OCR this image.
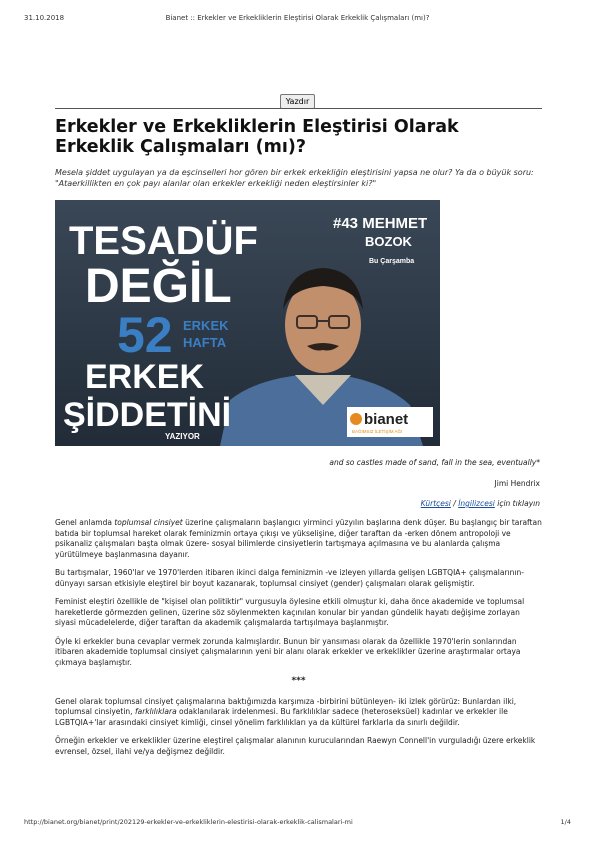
31.10.2018	Bianet :: Erkekler ve Erkekliklerin Eleştirisi Olarak Erkeklik Çalışmaları (mı)?
Yazdır
Erkekler ve Erkekliklerin Eleştirisi Olarak Erkeklik Çalışmaları (mı)?

Mesela şiddet uygulayan ya da eşcinselleri hor gören bir erkek erkekliğin eleştirisini yapsa ne olur? Ya da o büyük soru: "Ataerkillikten en çok payı alanlar olan erkekler erkekliği neden eleştirsinler ki?"

TESADÜF
DEĞİL
52 ERKEK
HAFTA
ERKEK
ŞİDDETİNİ
YAZIYOR
#43 MEHMET
BOZOK
Bu Çarşamba
bianet
BAĞIMSIZ İLETİŞİM AĞI

and so castles made of sand, fall in the sea, eventually*

Jimi Hendrix

Kürtçesi / İngilizcesi için tıklayın

Genel anlamda toplumsal cinsiyet üzerine çalışmaların başlangıcı yirminci yüzyılın başlarına denk düşer. Bu başlangıç bir taraftan batıda bir toplumsal hareket olarak feminizmin ortaya çıkışı ve yükselişine, diğer taraftan da -erken dönem antropoloji ve psikanaliz çalışmaları başta olmak üzere- sosyal bilimlerde cinsiyetlerin tartışmaya açılmasına ve bu alanlarda çalışma yürütülmeye başlanmasına dayanır.

Bu tartışmalar, 1960'lar ve 1970'lerden itibaren ikinci dalga feminizmin -ve izleyen yıllarda gelişen LGBTQIA+ çalışmalarının- dünyayı sarsan etkisiyle eleştirel bir boyut kazanarak, toplumsal cinsiyet (gender) çalışmaları olarak gelişmiştir.

Feminist eleştiri özellikle de "kişisel olan politiktir" vurgusuyla öylesine etkili olmuştur ki, daha önce akademide ve toplumsal hareketlerde görmezden gelinen, üzerine söz söylenmekten kaçınılan konular bir yandan gündelik hayatı değişime zorlayan siyasi mücadelelerde, diğer taraftan da akademik çalışmalarda tartışılmaya başlanmıştır.

Öyle ki erkekler buna cevaplar vermek zorunda kalmışlardır. Bunun bir yansıması olarak da özellikle 1970'lerin sonlarından itibaren akademide toplumsal cinsiyet çalışmalarının yeni bir alanı olarak erkekler ve erkeklikler üzerine araştırmalar ortaya çıkmaya başlamıştır.

***

Genel olarak toplumsal cinsiyet çalışmalarına baktığımızda karşımıza -birbirini bütünleyen- iki izlek görürüz: Bunlardan ilki, toplumsal cinsiyetin, farklılıklara odaklanılarak irdelenmesi. Bu farklılıklar sadece (heteroseksüel) kadınlar ve erkekler ile LGBTQIA+'lar arasındaki cinsiyet kimliği, cinsel yönelim farklılıkları ya da kültürel farklarla da sınırlı değildir.

Örneğin erkekler ve erkeklikler üzerine eleştirel çalışmalar alanının kurucularından Raewyn Connell'in vurguladığı üzere erkeklik evrensel, özsel, ilahi ve/ya değişmez değildir.

http://bianet.org/bianet/print/202129-erkekler-ve-erkekliklerin-elestirisi-olarak-erkeklik-calismalari-mi	1/4
